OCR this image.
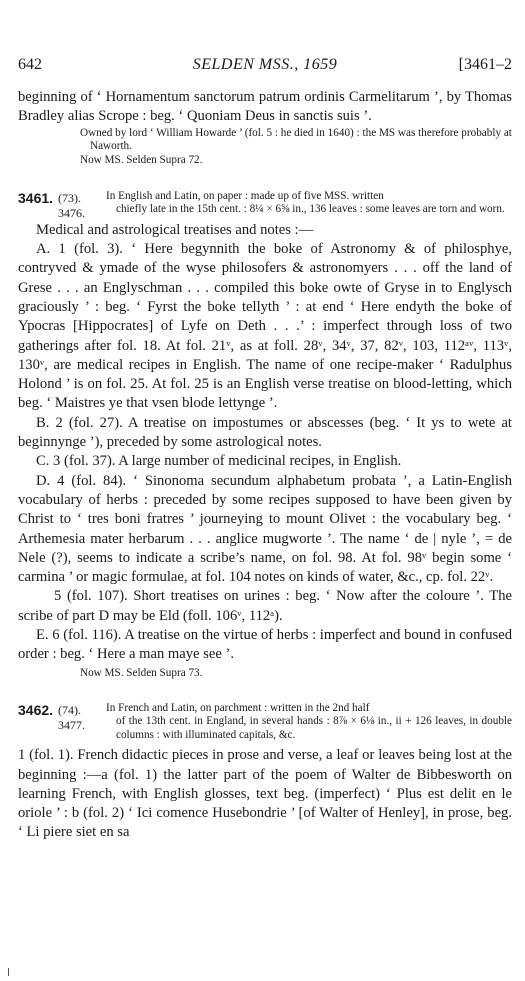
642	SELDEN MSS., 1659	[3461–2

beginning of ‘ Hornamentum sanctorum patrum ordinis Carmelitarum ’, by Thomas Bradley alias Scrope : beg. ‘ Quoniam Deus in sanctis suis ’.

Owned by lord ‘ William Howarde ’ (fol. 5 : he died in 1640) : the MS was therefore probably at Naworth.

Now MS. Selden Supra 72.

3461. (73). 3476.
In English and Latin, on paper : made up of five MSS. written
chiefly late in the 15th cent. : 8¼ × 6⅝ in., 136 leaves : some leaves are torn and worn.

Medical and astrological treatises and notes :—

A. 1 (fol. 3). ‘ Here begynnith the boke of Astronomy & of philosphye, contryved & ymade of the wyse philosofers & astronomyers . . . off the land of Grese . . . an Englyschman . . . compiled this boke owte of Gryse in to Englysch graciously ’ : beg. ‘ Fyrst the boke tellyth ’ : at end ‘ Here endyth the boke of Ypocras [Hippocrates] of Lyfe on Deth . . .’ : imperfect through loss of two gatherings after fol. 18. At fol. 21ᵛ, as at foll. 28ᵛ, 34ᵛ, 37, 82ᵛ, 103, 112ᵃᵛ, 113ᵛ, 130ᵛ, are medical recipes in English. The name of one recipe-maker ‘ Radulphus Holond ’ is on fol. 25. At fol. 25 is an English verse treatise on blood-letting, which beg. ‘ Maistres ye that vsen blode lettynge ’.

B. 2 (fol. 27). A treatise on impostumes or abscesses (beg. ‘ It ys to wete at beginnynge ’), preceded by some astrological notes.

C. 3 (fol. 37). A large number of medicinal recipes, in English.

D. 4 (fol. 84). ‘ Sinonoma secundum alphabetum probata ’, a Latin-English vocabulary of herbs : preceded by some recipes supposed to have been given by Christ to ‘ tres boni fratres ’ journeying to mount Olivet : the vocabulary beg. ‘ Arthemesia mater herbarum . . . anglice mugworte ’. The name ‘ de | nyle ’, = de Nele (?), seems to indicate a scribe’s name, on fol. 98. At fol. 98ᵛ begin some ‘ carmina ’ or magic formulae, at fol. 104 notes on kinds of water, &c., cp. fol. 22ᵛ.

5 (fol. 107). Short treatises on urines : beg. ‘ Now after the coloure ’. The scribe of part D may be Eld (foll. 106ᵛ, 112ᵃ).

E. 6 (fol. 116). A treatise on the virtue of herbs : imperfect and bound in confused order : beg. ‘ Here a man maye see ’.

Now MS. Selden Supra 73.

3462. (74). 3477.
In French and Latin, on parchment : written in the 2nd half
of the 13th cent. in England, in several hands : 8⅞ × 6⅛ in., ii + 126 leaves, in double columns : with illuminated capitals, &c.

1 (fol. 1). French didactic pieces in prose and verse, a leaf or leaves being lost at the beginning :—a (fol. 1) the latter part of the poem of Walter de Bibbesworth on learning French, with English glosses, text beg. (imperfect) ‘ Plus est delit en le oriole ’ : b (fol. 2) ‘ Ici comence Husebondrie ’ [of Walter of Henley], in prose, beg. ‘ Li piere siet en sa
